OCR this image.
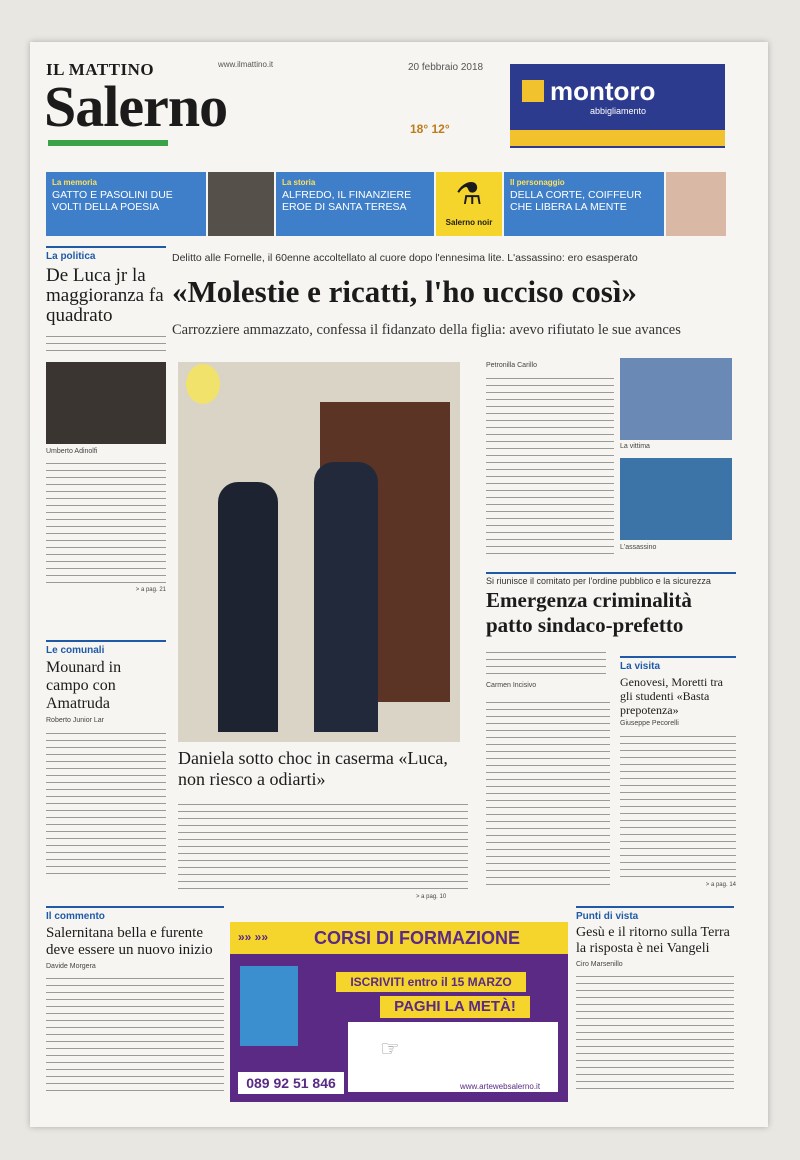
IL MATTINO	www.ilmattino.it
Salerno
20 febbraio 2018
18° 12°
montoro
abbigliamento
La memoria
GATTO E PASOLINI DUE VOLTI DELLA POESIA
La storia
ALFREDO, IL FINANZIERE EROE DI SANTA TERESA	⚗
Salerno noir
Il personaggio
DELLA CORTE, COIFFEUR CHE LIBERA LA MENTE
La politica
De Luca jr la maggioranza fa quadrato
Umberto Adinolfi
> a pag. 21
Le comunali
Mounard in campo con Amatruda
Roberto Junior Lar
Delitto alle Fornelle, il 60enne accoltellato al cuore dopo l'ennesima lite. L'assassino: ero esasperato
«Molestie e ricatti, l'ho ucciso così»
Carrozziere ammazzato, confessa il fidanzato della figlia: avevo rifiutato le sue avances
Daniela sotto choc in caserma «Luca, non riesco a odiarti»
> a pag. 10
Petronilla Carillo
La vittima
L'assassino
Si riunisce il comitato per l'ordine pubblico e la sicurezza
Emergenza criminalità patto sindaco-prefetto
Carmen Incisivo
La visita
Genovesi, Moretti tra gli studenti «Basta prepotenza»
Giuseppe Pecorelli
> a pag. 14
Il commento
Salernitana bella e furente deve essere un nuovo inizio
Davide Morgera
CORSI DI FORMAZIONE
»» »»
ISCRIVITI entro il 15 MARZO
PAGHI LA METÀ!
☞
089 92 51 846	www.artewebsalerno.it
Punti di vista
Gesù e il ritorno sulla Terra la risposta è nei Vangeli
Ciro Marsenillo
